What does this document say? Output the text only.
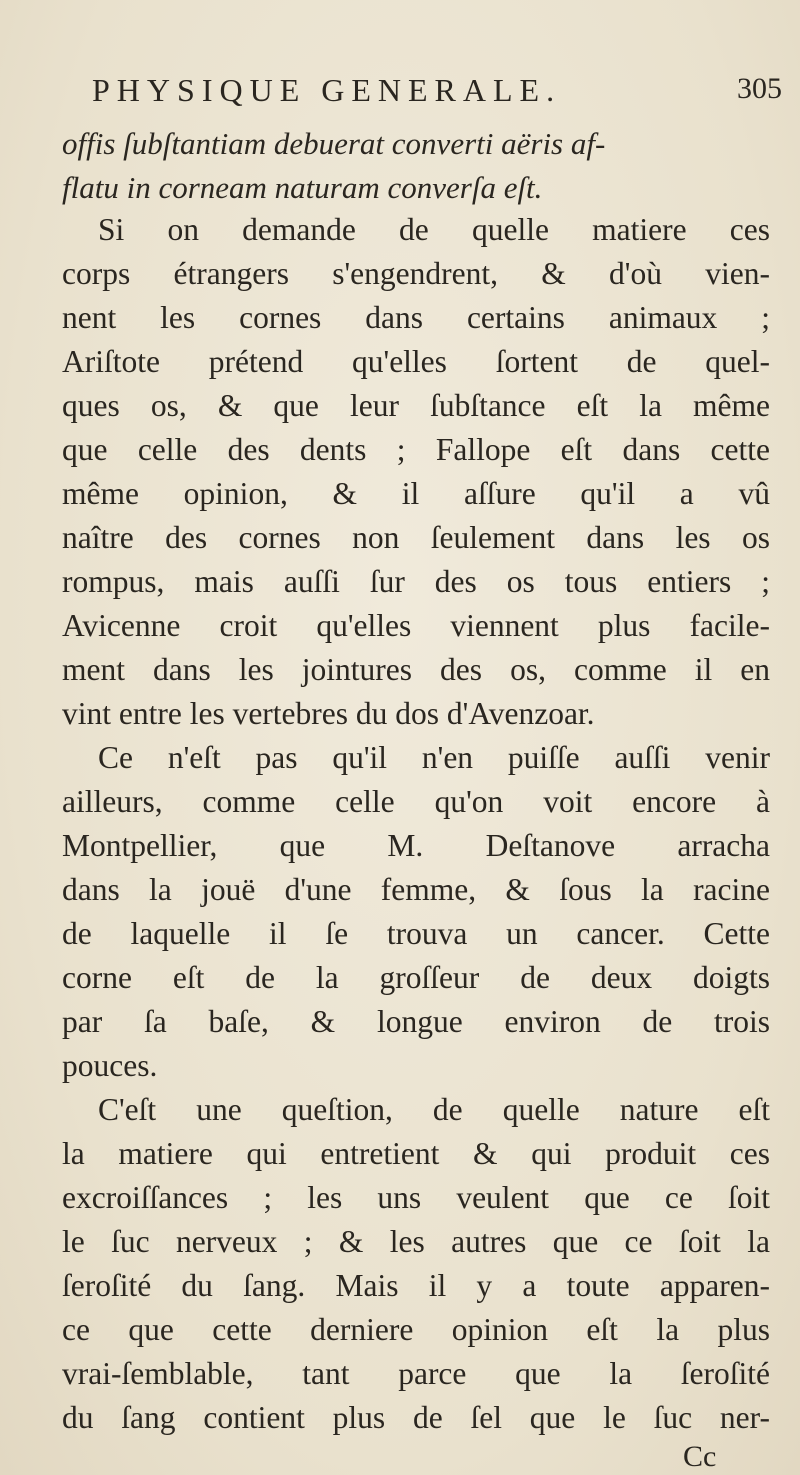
PHYSIQUE GENERALE.	305
offis ſubſtantiam debuerat converti aëris af-
flatu in corneam naturam converſa eſt.
Si on demande de quelle matiere ces
corps étrangers s'engendrent, & d'où vien-
nent les cornes dans certains animaux ;
Ariſtote prétend qu'elles ſortent de quel-
ques os, & que leur ſubſtance eſt la même
que celle des dents ; Fallope eſt dans cette
même opinion, & il aſſure qu'il a vû
naître des cornes non ſeulement dans les os
rompus, mais auſſi ſur des os tous entiers ;
Avicenne croit qu'elles viennent plus facile-
ment dans les jointures des os, comme il en
vint entre les vertebres du dos d'Avenzoar.
Ce n'eſt pas qu'il n'en puiſſe auſſi venir
ailleurs, comme celle qu'on voit encore à
Montpellier, que M. Deſtanove arracha
dans la jouë d'une femme, & ſous la racine
de laquelle il ſe trouva un cancer. Cette
corne eſt de la groſſeur de deux doigts
par ſa baſe, & longue environ de trois
pouces.
C'eſt une queſtion, de quelle nature eſt
la matiere qui entretient & qui produit ces
excroiſſances ; les uns veulent que ce ſoit
le ſuc nerveux ; & les autres que ce ſoit la
ſeroſité du ſang. Mais il y a toute apparen-
ce que cette derniere opinion eſt la plus
vrai-ſemblable, tant parce que la ſeroſité
du ſang contient plus de ſel que le ſuc ner-
Cc
